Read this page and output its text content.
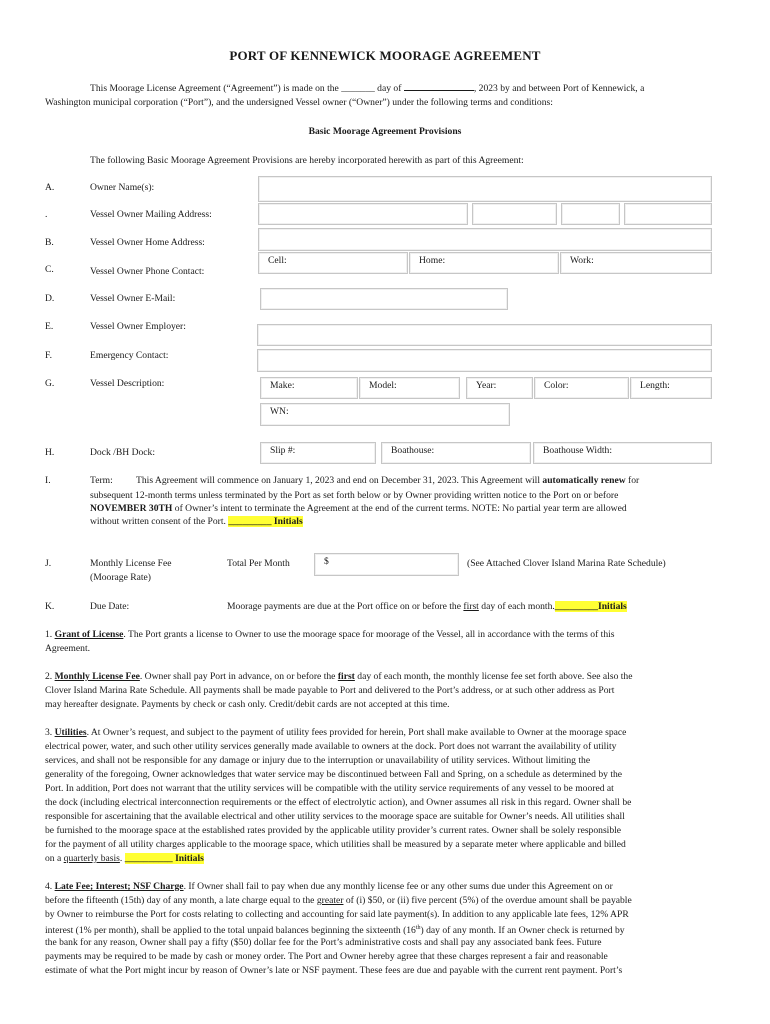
PORT OF KENNEWICK MOORAGE AGREEMENT
This Moorage License Agreement (“Agreement”) is made on the _______ day of	, 2023 by and between Port of Kennewick, a
Washington municipal corporation (“Port”), and the undersigned Vessel owner (“Owner”) under the following terms and conditions:
Basic Moorage Agreement Provisions
The following Basic Moorage Agreement Provisions are hereby incorporated herewith as part of this Agreement:
A.	Owner Name(s):
.	Vessel Owner Mailing Address:
B.	Vessel Owner Home Address:
C.	Vessel Owner Phone Contact:
Cell:	Home:	Work:
D.	Vessel Owner E-Mail:
E.	Vessel Owner Employer:
F.	Emergency Contact:
G.	Vessel Description:	Make:	Model:	Year:	Color:	Length:
WN:
H.	Dock /BH Dock:	Slip #:	Boathouse:	Boathouse Width:
I.	Term: This Agreement will commence on January 1, 2023 and end on December 31, 2023. This Agreement will automatically renew for
subsequent 12-month terms unless terminated by the Port as set forth below or by Owner providing written notice to the Port on or before
NOVEMBER 30TH of Owner’s intent to terminate the Agreement at the end of the current terms. NOTE: No partial year term are allowed
without written consent of the Port. _________ Initials
J.	Monthly License Fee
(Moorage Rate)
Total Per Month	$	(See Attached Clover Island Marina Rate Schedule)
K.	Due Date:	Moorage payments are due at the Port office on or before the first day of each month._________Initials
1. Grant of License. The Port grants a license to Owner to use the moorage space for moorage of the Vessel, all in accordance with the terms of this
Agreement.
2. Monthly License Fee. Owner shall pay Port in advance, on or before the first day of each month, the monthly license fee set forth above. See also the
Clover Island Marina Rate Schedule. All payments shall be made payable to Port and delivered to the Port’s address, or at such other address as Port
may hereafter designate. Payments by check or cash only. Credit/debit cards are not accepted at this time.
3. Utilities. At Owner’s request, and subject to the payment of utility fees provided for herein, Port shall make available to Owner at the moorage space
electrical power, water, and such other utility services generally made available to owners at the dock. Port does not warrant the availability of utility
services, and shall not be responsible for any damage or injury due to the interruption or unavailability of utility services. Without limiting the
generality of the foregoing, Owner acknowledges that water service may be discontinued between Fall and Spring, on a schedule as determined by the
Port. In addition, Port does not warrant that the utility services will be compatible with the utility service requirements of any vessel to be moored at
the dock (including electrical interconnection requirements or the effect of electrolytic action), and Owner assumes all risk in this regard. Owner shall be
responsible for ascertaining that the available electrical and other utility services to the moorage space are suitable for Owner’s needs. All utilities shall
be furnished to the moorage space at the established rates provided by the applicable utility provider’s current rates. Owner shall be solely responsible
for the payment of all utility charges applicable to the moorage space, which utilities shall be measured by a separate meter where applicable and billed
on a quarterly basis. __________ Initials
4. Late Fee; Interest; NSF Charge. If Owner shall fail to pay when due any monthly license fee or any other sums due under this Agreement on or
before the fifteenth (15th) day of any month, a late charge equal to the greater of (i) $50, or (ii) five percent (5%) of the overdue amount shall be payable
by Owner to reimburse the Port for costs relating to collecting and accounting for said late payment(s). In addition to any applicable late fees, 12% APR
interest (1% per month), shall be applied to the total unpaid balances beginning the sixteenth (16th) day of any month. If an Owner check is returned by
the bank for any reason, Owner shall pay a fifty ($50) dollar fee for the Port’s administrative costs and shall pay any associated bank fees. Future
payments may be required to be made by cash or money order. The Port and Owner hereby agree that these charges represent a fair and reasonable
estimate of what the Port might incur by reason of Owner’s late or NSF payment. These fees are due and payable with the current rent payment. Port’s
